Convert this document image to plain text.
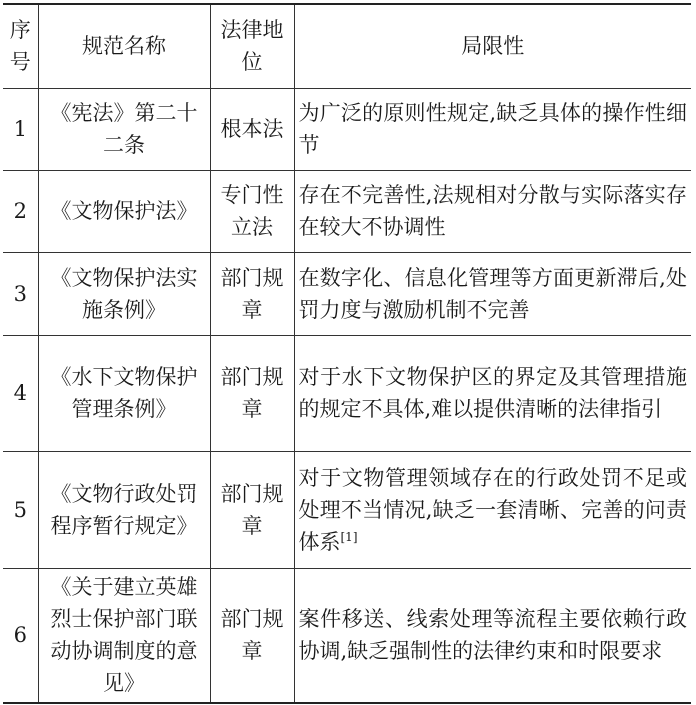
序号	规范名称	法律地位	局限性
1	《宪法》第二十二条	根本法	为广泛的原则性规定,缺乏具体的操作性细节
2	《文物保护法》	专门性立法	存在不完善性,法规相对分散与实际落实存在较大不协调性
3	《文物保护法实施条例》	部门规章	在数字化、信息化管理等方面更新滞后,处罚力度与激励机制不完善
4	《水下文物保护管理条例》	部门规章	对于水下文物保护区的界定及其管理措施的规定不具体,难以提供清晰的法律指引
5	《文物行政处罚程序暂行规定》	部门规章	对于文物管理领域存在的行政处罚不足或处理不当情况,缺乏一套清晰、完善的问责体系[1]
6	《关于建立英雄烈士保护部门联动协调制度的意见》	部门规章	案件移送、线索处理等流程主要依赖行政协调,缺乏强制性的法律约束和时限要求
